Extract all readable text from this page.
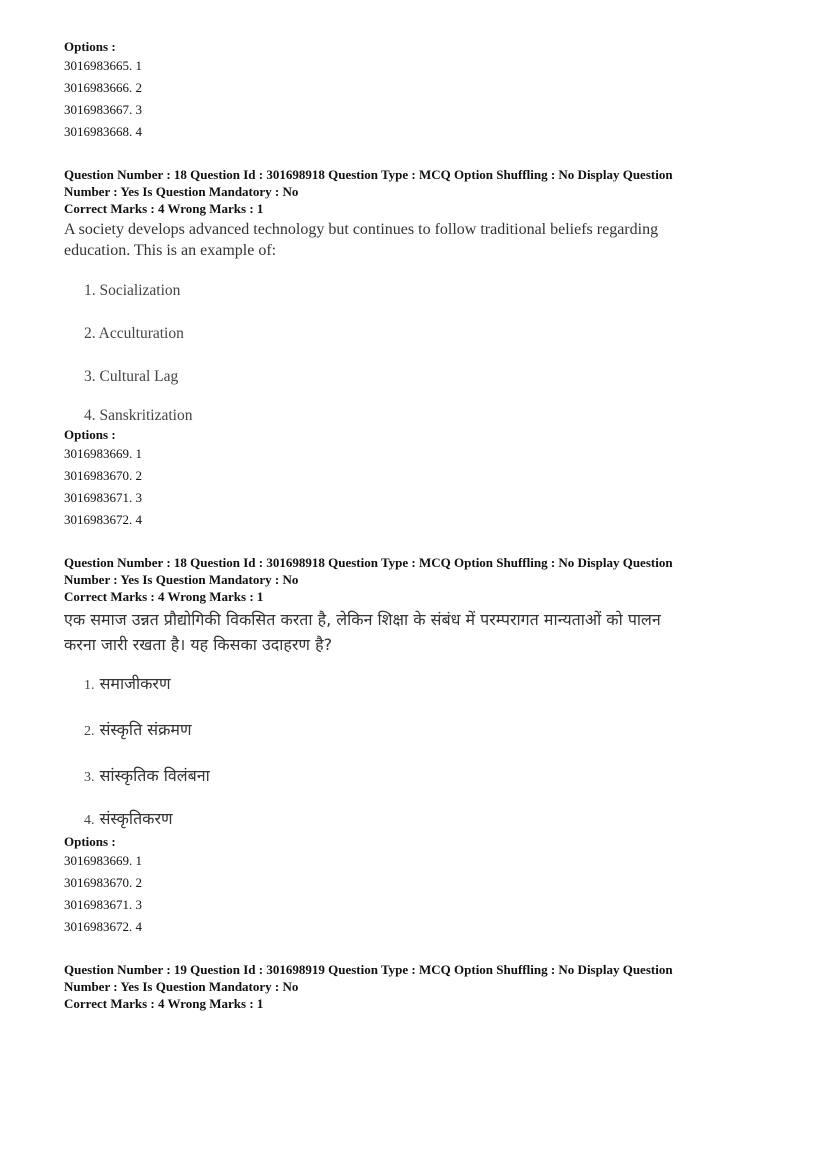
Options :
3016983665. 1
3016983666. 2
3016983667. 3
3016983668. 4
Question Number : 18 Question Id : 301698918 Question Type : MCQ Option Shuffling : No Display Question
Number : Yes Is Question Mandatory : No
Correct Marks : 4 Wrong Marks : 1
A society develops advanced technology but continues to follow traditional beliefs regarding
education. This is an example of:
1. Socialization
2. Acculturation
3. Cultural Lag
4. Sanskritization
Options :
3016983669. 1
3016983670. 2
3016983671. 3
3016983672. 4
Question Number : 18 Question Id : 301698918 Question Type : MCQ Option Shuffling : No Display Question
Number : Yes Is Question Mandatory : No
Correct Marks : 4 Wrong Marks : 1
एक समाज उन्नत प्रौद्योगिकी विकसित करता है, लेकिन शिक्षा के संबंध में परम्परागत मान्यताओं को पालन
करना जारी रखता है। यह किसका उदाहरण है?
1. समाजीकरण
2. संस्कृति संक्रमण
3. सांस्कृतिक विलंबना
4. संस्कृतिकरण
Options :
3016983669. 1
3016983670. 2
3016983671. 3
3016983672. 4
Question Number : 19 Question Id : 301698919 Question Type : MCQ Option Shuffling : No Display Question
Number : Yes Is Question Mandatory : No
Correct Marks : 4 Wrong Marks : 1
